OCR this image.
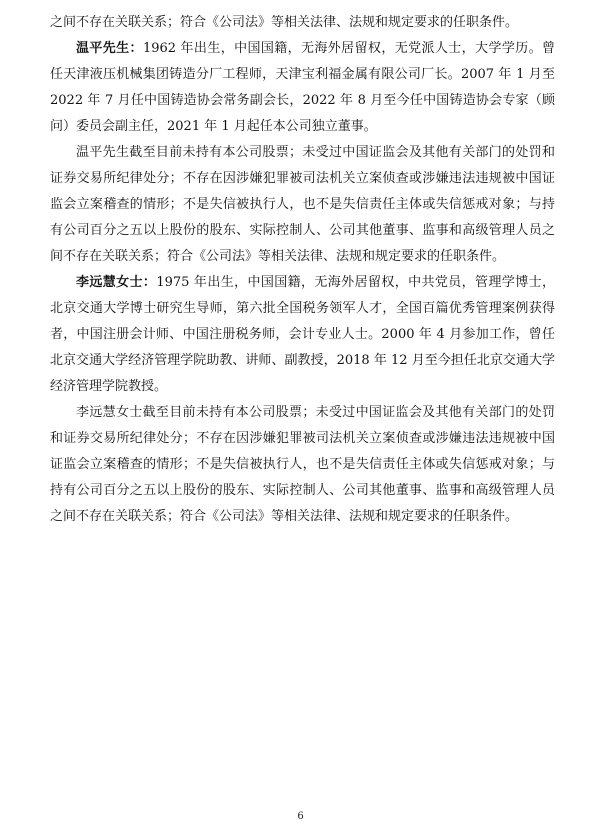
之间不存在关联关系；符合《公司法》等相关法律、法规和规定要求的任职条件。

温平先生：1962 年出生，中国国籍，无海外居留权，无党派人士，大学学历。曾任天津液压机械集团铸造分厂工程师，天津宝利福金属有限公司厂长。2007 年 1 月至 2022 年 7 月任中国铸造协会常务副会长，2022 年 8 月至今任中国铸造协会专家（顾问）委员会副主任，2021 年 1 月起任本公司独立董事。

温平先生截至目前未持有本公司股票；未受过中国证监会及其他有关部门的处罚和证券交易所纪律处分；不存在因涉嫌犯罪被司法机关立案侦查或涉嫌违法违规被中国证监会立案稽查的情形；不是失信被执行人，也不是失信责任主体或失信惩戒对象；与持有公司百分之五以上股份的股东、实际控制人、公司其他董事、监事和高级管理人员之间不存在关联关系；符合《公司法》等相关法律、法规和规定要求的任职条件。

李远慧女士：1975 年出生，中国国籍，无海外居留权，中共党员，管理学博士，北京交通大学博士研究生导师，第六批全国税务领军人才，全国百篇优秀管理案例获得者，中国注册会计师、中国注册税务师，会计专业人士。2000 年 4 月参加工作，曾任北京交通大学经济管理学院助教、讲师、副教授，2018 年 12 月至今担任北京交通大学经济管理学院教授。

李远慧女士截至目前未持有本公司股票；未受过中国证监会及其他有关部门的处罚和证券交易所纪律处分；不存在因涉嫌犯罪被司法机关立案侦查或涉嫌违法违规被中国证监会立案稽查的情形；不是失信被执行人，也不是失信责任主体或失信惩戒对象；与持有公司百分之五以上股份的股东、实际控制人、公司其他董事、监事和高级管理人员之间不存在关联关系；符合《公司法》等相关法律、法规和规定要求的任职条件。

6
